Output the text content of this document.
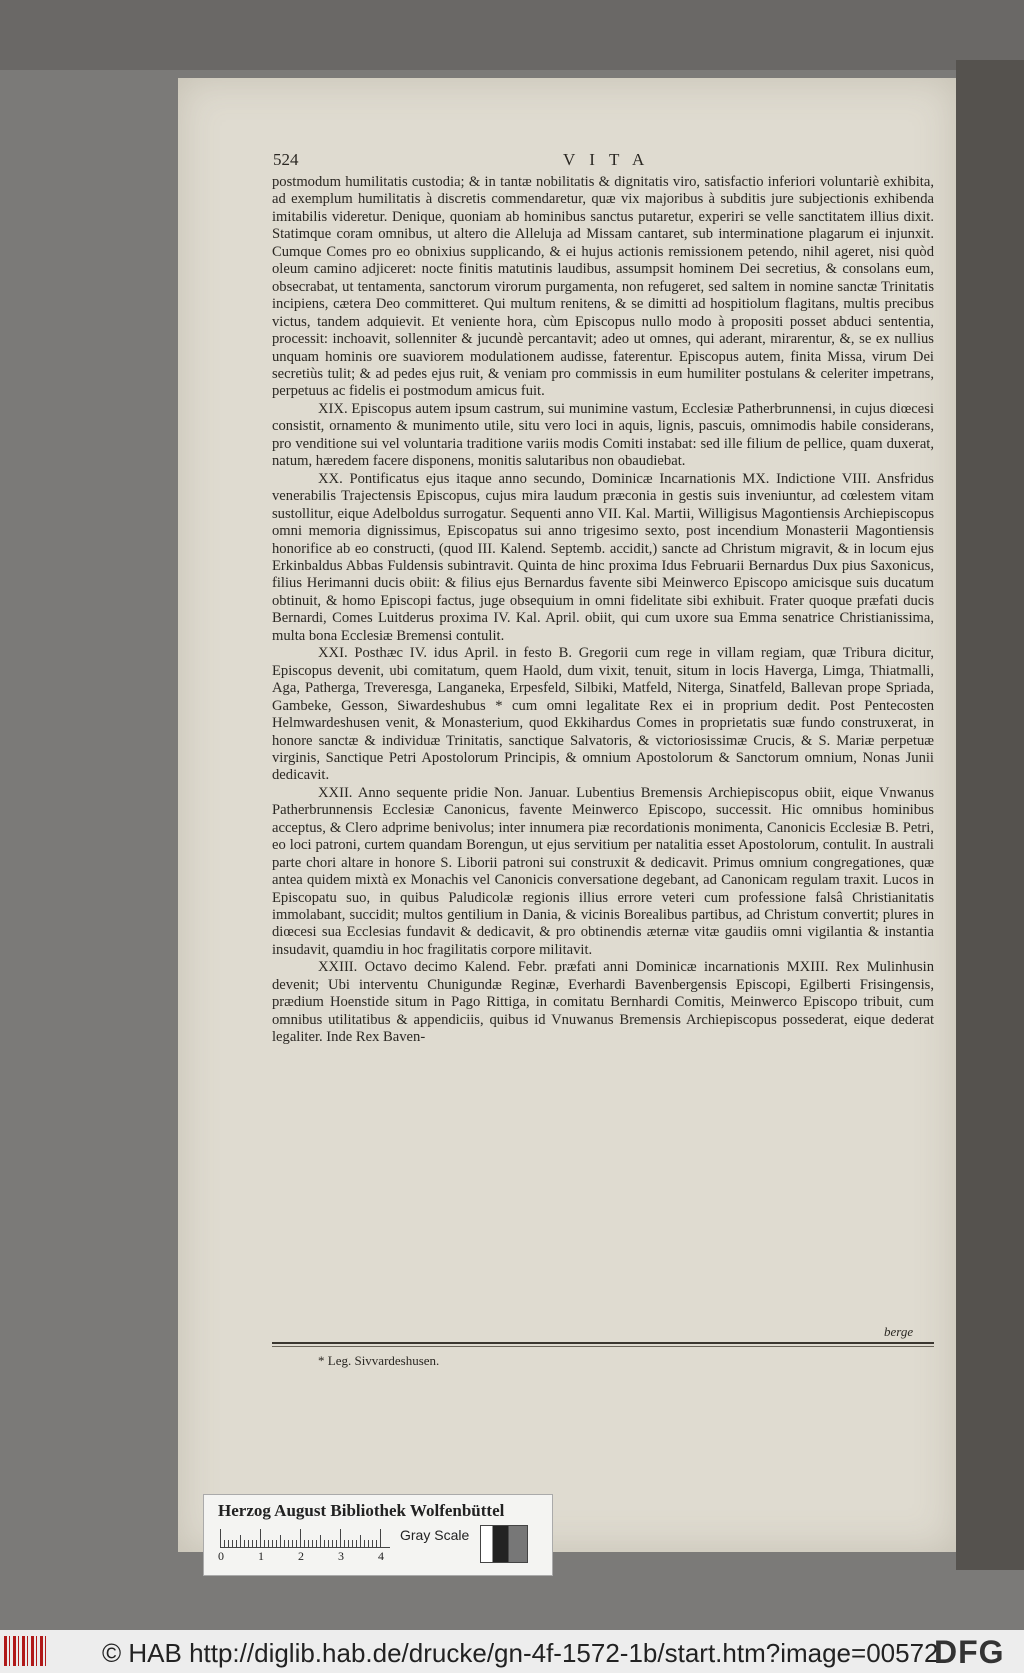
524	VITA

postmodum humilitatis custodia; & in tantæ nobilitatis & dignitatis viro, satisfactio inferiori voluntariè exhibita, ad exemplum humilitatis à discretis commendaretur, quæ vix majoribus à subditis jure subjectionis exhibenda imitabilis videretur. Denique, quoniam ab hominibus sanctus putaretur, experiri se velle sanctitatem illius dixit. Statimque coram omnibus, ut altero die Alleluja ad Missam cantaret, sub interminatione plagarum ei injunxit. Cumque Comes pro eo obnixius supplicando, & ei hujus actionis remissionem petendo, nihil ageret, nisi quòd oleum camino adjiceret: nocte finitis matutinis laudibus, assumpsit hominem Dei secretius, & consolans eum, obsecrabat, ut tentamenta, sanctorum virorum purgamenta, non refugeret, sed saltem in nomine sanctæ Trinitatis incipiens, cætera Deo committeret. Qui multum renitens, & se dimitti ad hospitiolum flagitans, multis precibus victus, tandem adquievit. Et veniente hora, cùm Episcopus nullo modo à propositi posset abduci sententia, processit: inchoavit, sollenniter & jucundè percantavit; adeo ut omnes, qui aderant, mirarentur, &, se ex nullius unquam hominis ore suaviorem modulationem audisse, faterentur. Episcopus autem, finita Missa, virum Dei secretiùs tulit; & ad pedes ejus ruit, & veniam pro commissis in eum humiliter postulans & celeriter impetrans, perpetuus ac fidelis ei postmodum amicus fuit.

XIX. Episcopus autem ipsum castrum, sui munimine vastum, Ecclesiæ Patherbrunnensi, in cujus diœcesi consistit, ornamento & munimento utile, situ vero loci in aquis, lignis, pascuis, omnimodis habile considerans, pro venditione sui vel voluntaria traditione variis modis Comiti instabat: sed ille filium de pellice, quam duxerat, natum, hæredem facere disponens, monitis salutaribus non obaudiebat.

XX. Pontificatus ejus itaque anno secundo, Dominicæ Incarnationis MX. Indictione VIII. Ansfridus venerabilis Trajectensis Episcopus, cujus mira laudum præconia in gestis suis inveniuntur, ad cœlestem vitam sustollitur, eique Adelboldus surrogatur. Sequenti anno VII. Kal. Martii, Willigisus Magontiensis Archiepiscopus omni memoria dignissimus, Episcopatus sui anno trigesimo sexto, post incendium Monasterii Magontiensis honorifice ab eo constructi, (quod III. Kalend. Septemb. accidit,) sancte ad Christum migravit, & in locum ejus Erkinbaldus Abbas Fuldensis subintravit. Quinta de hinc proxima Idus Februarii Bernardus Dux pius Saxonicus, filius Herimanni ducis obiit: & filius ejus Bernardus favente sibi Meinwerco Episcopo amicisque suis ducatum obtinuit, & homo Episcopi factus, juge obsequium in omni fidelitate sibi exhibuit. Frater quoque præfati ducis Bernardi, Comes Luitderus proxima IV. Kal. April. obiit, qui cum uxore sua Emma senatrice Christianissima, multa bona Ecclesiæ Bremensi contulit.

XXI. Posthæc IV. idus April. in festo B. Gregorii cum rege in villam regiam, quæ Tribura dicitur, Episcopus devenit, ubi comitatum, quem Haold, dum vixit, tenuit, situm in locis Haverga, Limga, Thiatmalli, Aga, Patherga, Treveresga, Langaneka, Erpesfeld, Silbiki, Matfeld, Niterga, Sinatfeld, Ballevan prope Spriada, Gambeke, Gesson, Siwardeshubus * cum omni legalitate Rex ei in proprium dedit. Post Pentecosten Helmwardeshusen venit, & Monasterium, quod Ekkihardus Comes in proprietatis suæ fundo construxerat, in honore sanctæ & individuæ Trinitatis, sanctique Salvatoris, & victoriosissimæ Crucis, & S. Mariæ perpetuæ virginis, Sanctique Petri Apostolorum Principis, & omnium Apostolorum & Sanctorum omnium, Nonas Junii dedicavit.

XXII. Anno sequente pridie Non. Januar. Lubentius Bremensis Archiepiscopus obiit, eique Vnwanus Patherbrunnensis Ecclesiæ Canonicus, favente Meinwerco Episcopo, successit. Hic omnibus hominibus acceptus, & Clero adprime benivolus; inter innumera piæ recordationis monimenta, Canonicis Ecclesiæ B. Petri, eo loci patroni, curtem quandam Borengun, ut ejus servitium per natalitia esset Apostolorum, contulit. In australi parte chori altare in honore S. Liborii patroni sui construxit & dedicavit. Primus omnium congregationes, quæ antea quidem mixtà ex Monachis vel Canonicis conversatione degebant, ad Canonicam regulam traxit. Lucos in Episcopatu suo, in quibus Paludicolæ regionis illius errore veteri cum professione falsâ Christianitatis immolabant, succidit; multos gentilium in Dania, & vicinis Borealibus partibus, ad Christum convertit; plures in diœcesi sua Ecclesias fundavit & dedicavit, & pro obtinendis æternæ vitæ gaudiis omni vigilantia & instantia insudavit, quamdiu in hoc fragilitatis corpore militavit.

XXIII. Octavo decimo Kalend. Febr. præfati anni Dominicæ incarnationis MXIII. Rex Mulinhusin devenit; Ubi interventu Chunigundæ Reginæ, Everhardi Bavenbergensis Episcopi, Egilberti Frisingensis, prædium Hoenstide situm in Pago Rittiga, in comitatu Bernhardi Comitis, Meinwerco Episcopo tribuit, cum omnibus utilitatibus & appendiciis, quibus id Vnuwanus Bremensis Archiepiscopus possederat, eique dederat legaliter. Inde Rex Baven-

berge
* Leg. Sivvardeshusen.
Herzog August Bibliothek Wolfenbüttel
0	1	2	3	4
Gray Scale
© HAB http://diglib.hab.de/drucke/gn-4f-1572-1b/start.htm?image=00572
DFG
